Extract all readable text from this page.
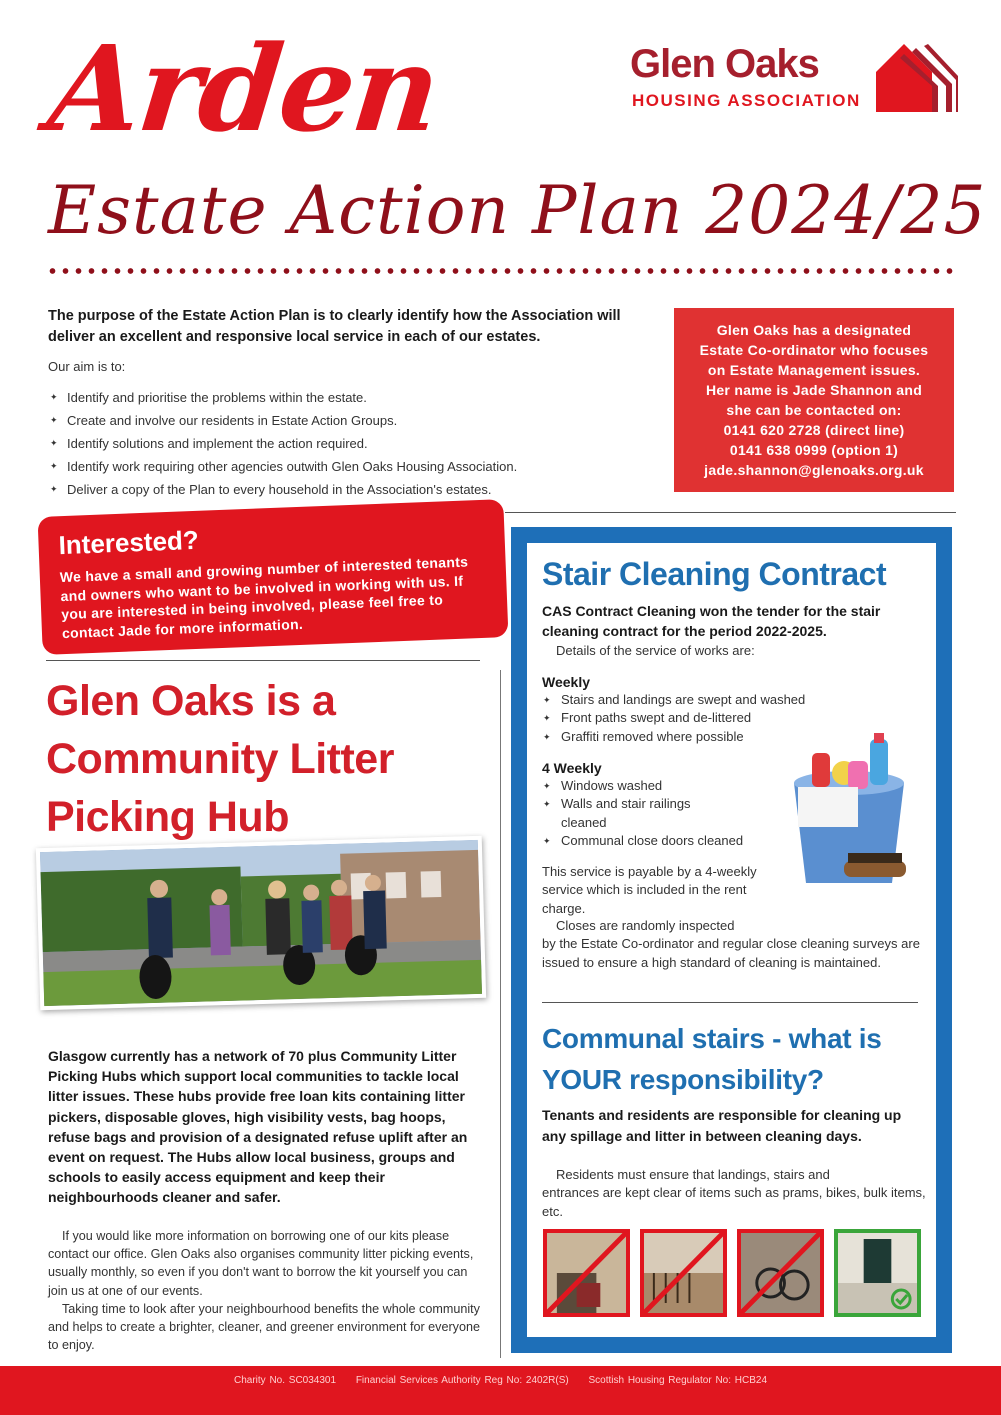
Arden
Estate Action Plan 2024/25
Glen Oaks
HOUSING ASSOCIATION
The purpose of the Estate Action Plan is to clearly identify how the Association will deliver an excellent and responsive local service in each of our estates.
Our aim is to:
✦ Identify and prioritise the problems within the estate.
✦ Create and involve our residents in Estate Action Groups.
✦ Identify solutions and implement the action required.
✦ Identify work requiring other agencies outwith Glen Oaks Housing Association.
✦ Deliver a copy of the Plan to every household in the Association's estates.
Glen Oaks has a designated
Estate Co-ordinator who focuses
on Estate Management issues.
Her name is Jade Shannon and
she can be contacted on:
0141 620 2728 (direct line)
0141 638 0999 (option 1)
jade.shannon@glenoaks.org.uk
Interested?
We have a small and growing number of interested tenants and owners who want to be involved in working with us. If you are interested in being involved, please feel free to contact Jade for more information.
Glen Oaks is a Community Litter Picking Hub
Glasgow currently has a network of 70 plus Community Litter Picking Hubs which support local communities to tackle local litter issues. These hubs provide free loan kits containing litter pickers, disposable gloves, high visibility vests, bag hoops, refuse bags and provision of a designated refuse uplift after an event on request. The Hubs allow local business, groups and schools to easily access equipment and keep their neighbourhoods cleaner and safer.

If you would like more information on borrowing one of our kits please contact our office. Glen Oaks also organises community litter picking events, usually monthly, so even if you don't want to borrow the kit yourself you can join us at one of our events.

Taking time to look after your neighbourhood benefits the whole community and helps to create a brighter, cleaner, and greener environment for everyone to enjoy.

Stair Cleaning Contract
CAS Contract Cleaning won the tender for the stair cleaning contract for the period 2022-2025.
Details of the service of works are:
Weekly
✦ Stairs and landings are swept and washed
✦ Front paths swept and de-littered
✦ Graffiti removed where possible
4 Weekly
✦ Windows washed
✦ Walls and stair railings cleaned
✦ Communal close doors cleaned
This service is payable by a 4-weekly service which is included in the rent charge.
Closes are randomly inspected
by the Estate Co-ordinator and regular close cleaning surveys are issued to ensure a high standard of cleaning is maintained.
Communal stairs - what is YOUR responsibility?
Tenants and residents are responsible for cleaning up any spillage and litter in between cleaning days.
Residents must ensure that landings, stairs and
entrances are kept clear of items such as prams, bikes, bulk items, etc.
Charity No. SC034301 Financial Services Authority Reg No: 2402R(S) Scottish Housing Regulator No: HCB24
